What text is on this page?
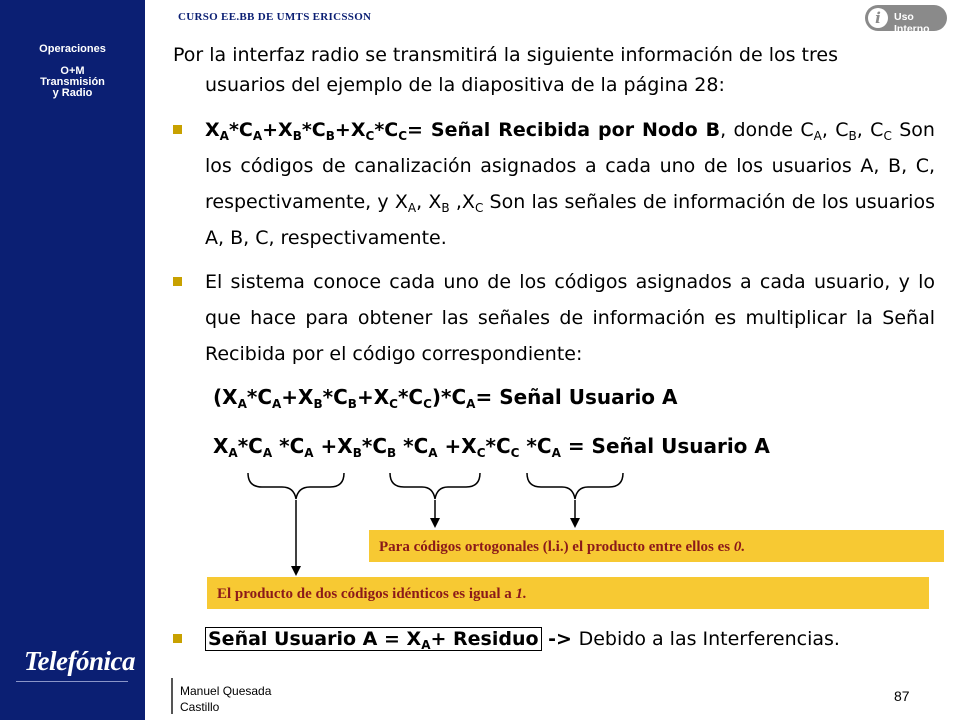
Operaciones
O+M
Transmisión
y Radio
Telefónica
CURSO EE.BB DE UMTS ERICSSON	i	Uso Interno
Por la interfaz radio se transmitirá la siguiente información de los tres
usuarios del ejemplo de la diapositiva de la página 28:
$X_A*C_A+X_B*C_B+X_C*C_C=$ Señal Recibida por Nodo B, donde $C_A$, $C_B$, $C_C$ Son los códigos de canalización asignados a cada uno de los usuarios A, B, C, respectivamente, y $X_A$, $X_B$ $,X_C$ Son las señales de información de los usuarios A, B, C, respectivamente.
El sistema conoce cada uno de los códigos asignados a cada usuario, y lo que hace para obtener las señales de información es multiplicar la Señal Recibida por el código correspondiente:
$(X_A*C_A+X_B*C_B+X_C*C_C)*C_A=$ Señal Usuario A
$X_A*C_A$ $*C_A +X_B*C_B$ $*C_A +X_C*C_C$ $*C_A$ = Señal Usuario A
Para códigos ortogonales (l.i.) el producto entre ellos es 0.
El producto de dos códigos idénticos es igual a 1.
Señal Usuario $A = X_A+$ Residuo -> Debido a las Interferencias.
Manuel Quesada
Castillo
87
